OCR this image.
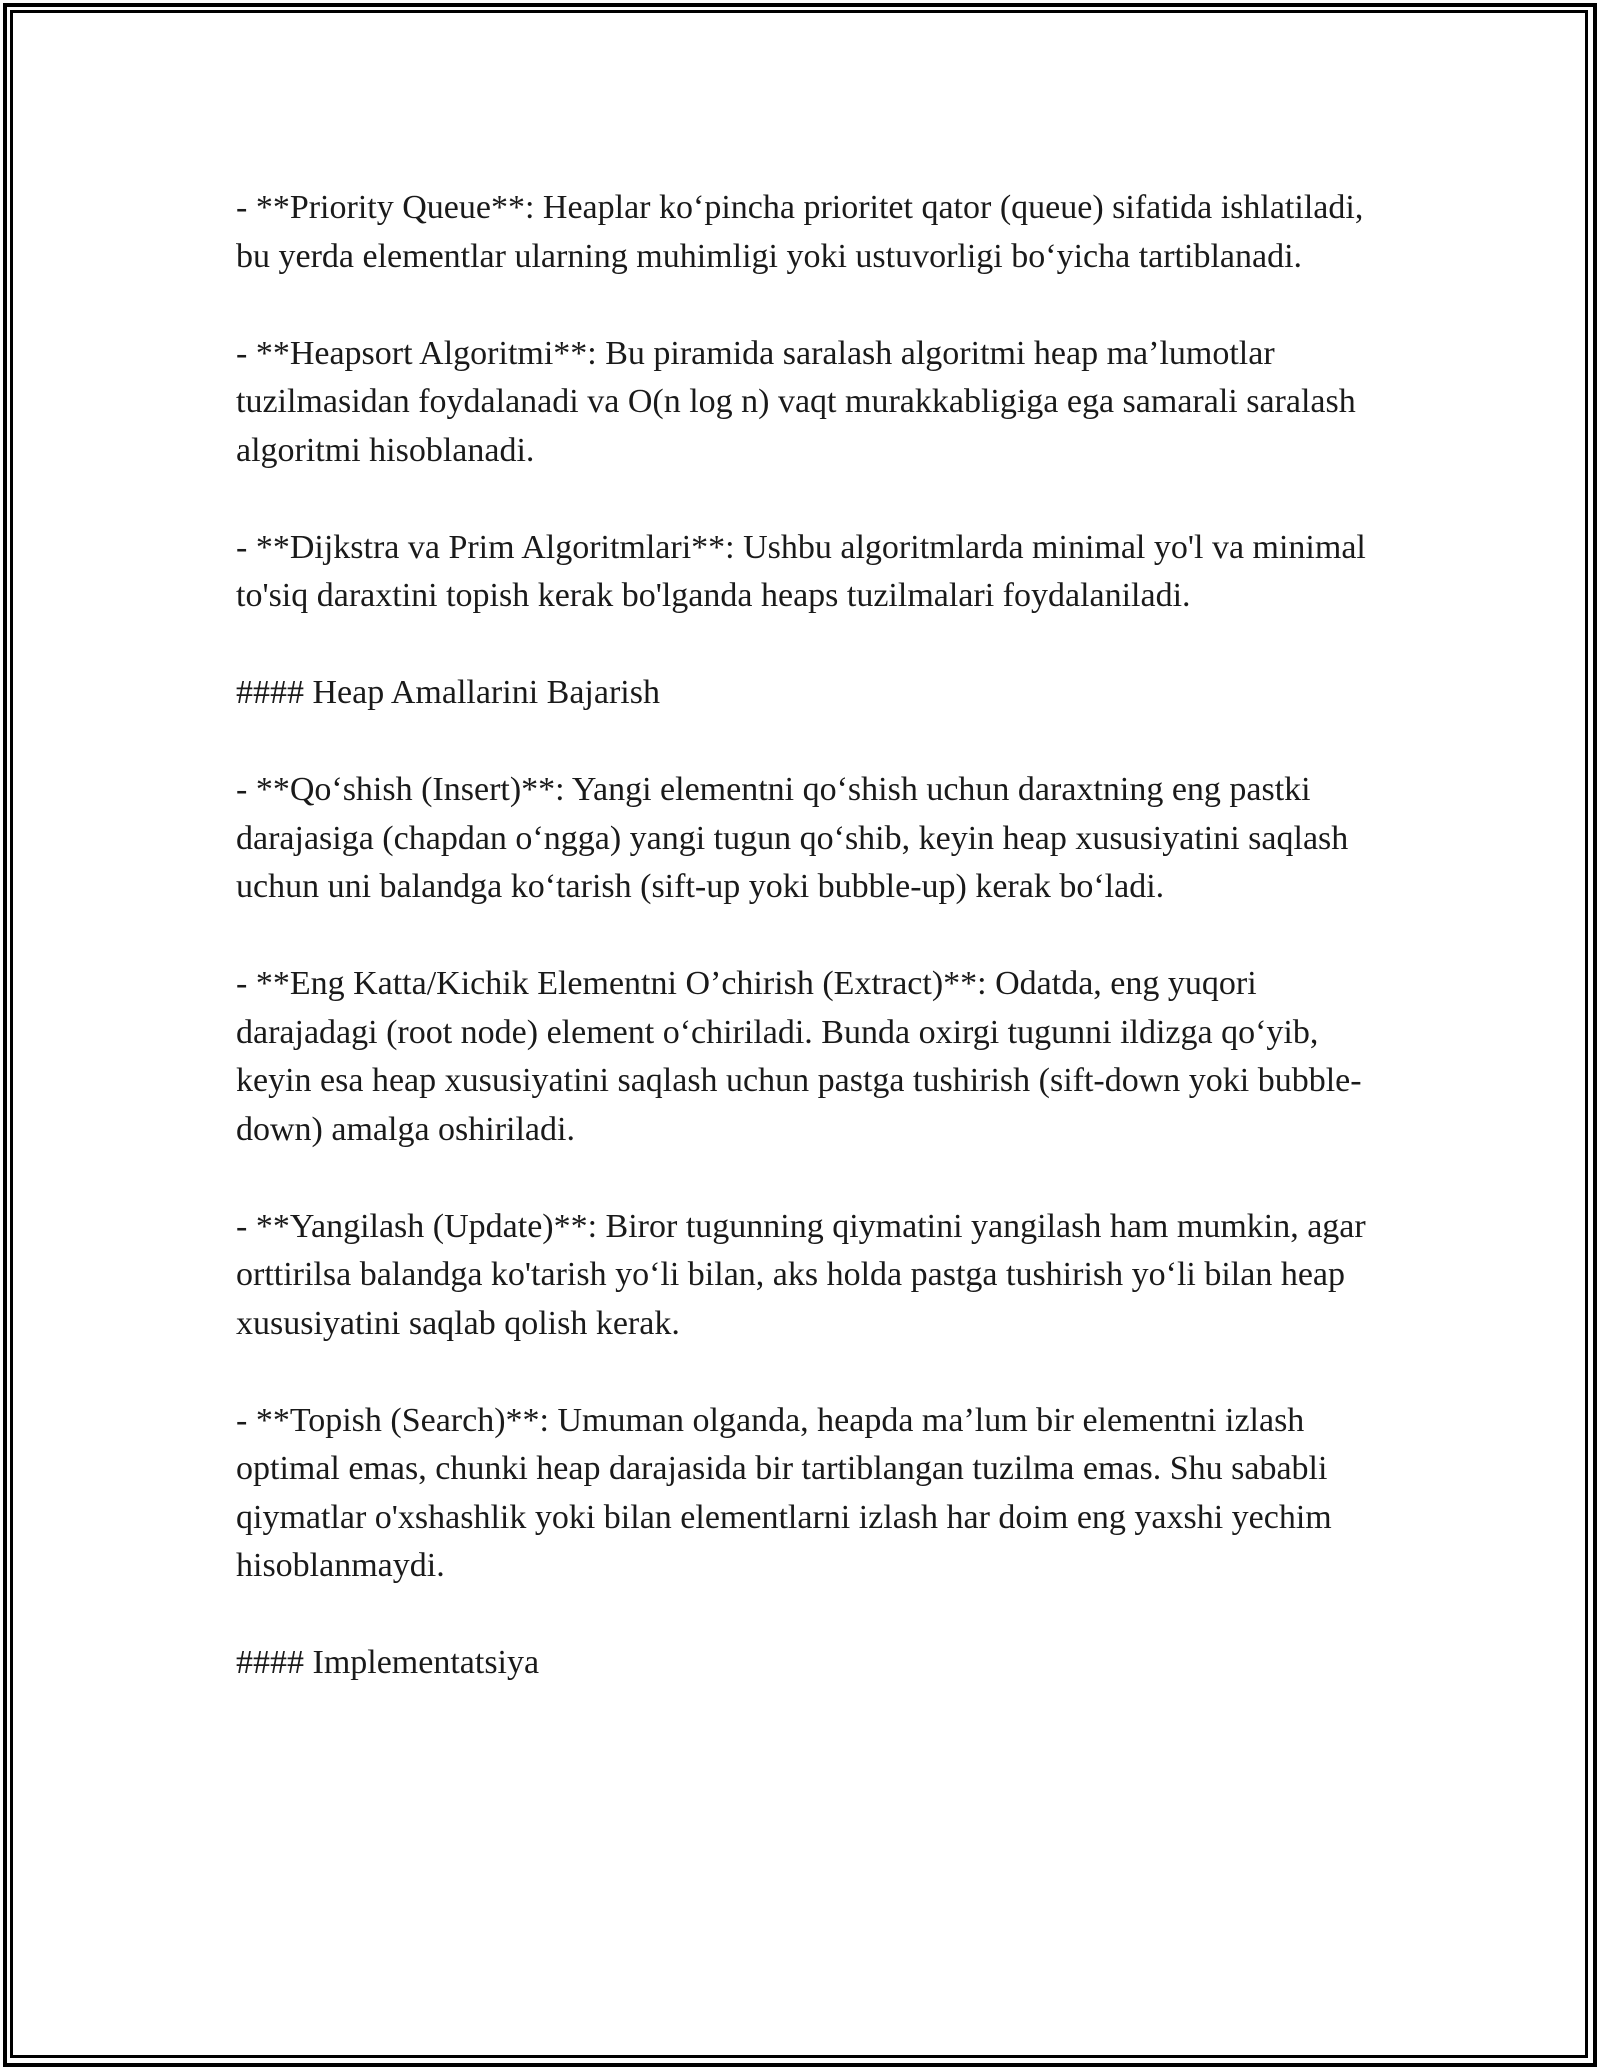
- **Priority Queue**: Heaplar ko‘pincha prioritet qator (queue) sifatida ishlatiladi, bu yerda elementlar ularning muhimligi yoki ustuvorligi bo‘yicha tartiblanadi.

- **Heapsort Algoritmi**: Bu piramida saralash algoritmi heap ma’lumotlar tuzilmasidan foydalanadi va O(n log n) vaqt murakkabligiga ega samarali saralash algoritmi hisoblanadi.

- **Dijkstra va Prim Algoritmlari**: Ushbu algoritmlarda minimal yo'l va minimal to'siq daraxtini topish kerak bo'lganda heaps tuzilmalari foydalaniladi.

#### Heap Amallarini Bajarish

- **Qo‘shish (Insert)**: Yangi elementni qo‘shish uchun daraxtning eng pastki darajasiga (chapdan o‘ngga) yangi tugun qo‘shib, keyin heap xususiyatini saqlash uchun uni balandga ko‘tarish (sift-up yoki bubble-up) kerak bo‘ladi.

- **Eng Katta/Kichik Elementni O’chirish (Extract)**: Odatda, eng yuqori darajadagi (root node) element o‘chiriladi. Bunda oxirgi tugunni ildizga qo‘yib, keyin esa heap xususiyatini saqlash uchun pastga tushirish (sift-down yoki bubble-down) amalga oshiriladi.

- **Yangilash (Update)**: Biror tugunning qiymatini yangilash ham mumkin, agar orttirilsa balandga ko'tarish yo‘li bilan, aks holda pastga tushirish yo‘li bilan heap xususiyatini saqlab qolish kerak.

- **Topish (Search)**: Umuman olganda, heapda ma’lum bir elementni izlash optimal emas, chunki heap darajasida bir tartiblangan tuzilma emas. Shu sababli qiymatlar o'xshashlik yoki bilan elementlarni izlash har doim eng yaxshi yechim hisoblanmaydi.

#### Implementatsiya
